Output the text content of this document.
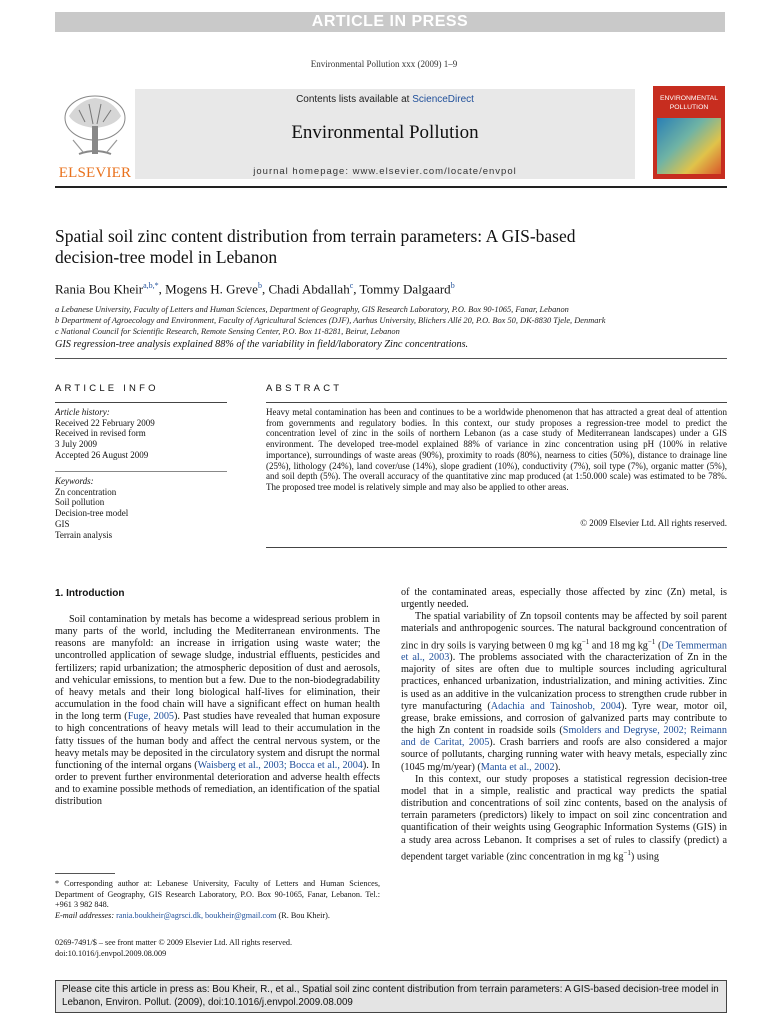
ARTICLE IN PRESS
Environmental Pollution xxx (2009) 1–9
ELSEVIER
Contents lists available at ScienceDirect
Environmental Pollution
journal homepage: www.elsevier.com/locate/envpol
ENVIRONMENTAL
POLLUTION
Spatial soil zinc content distribution from terrain parameters: A GIS-based
decision-tree model in Lebanon
Rania Bou Kheir$^{a,b,*}$, Mogens H. Greve$^b$, Chadi Abdallah$^c$, Tommy Dalgaard$^b$
a Lebanese University, Faculty of Letters and Human Sciences, Department of Geography, GIS Research Laboratory, P.O. Box 90-1065, Fanar, Lebanon
b Department of Agroecology and Environment, Faculty of Agricultural Sciences (DJF), Aarhus University, Blichers Allé 20, P.O. Box 50, DK-8830 Tjele, Denmark
c National Council for Scientific Research, Remote Sensing Center, P.O. Box 11-8281, Beirut, Lebanon
GIS regression-tree analysis explained 88% of the variability in field/laboratory Zinc concentrations.
ARTICLE INFO	ABSTRACT
Article history:
Received 22 February 2009
Received in revised form
3 July 2009
Accepted 26 August 2009
Keywords:
Zn concentration
Soil pollution
Decision-tree model
GIS
Terrain analysis
Heavy metal contamination has been and continues to be a worldwide phenomenon that has attracted a great deal of attention from governments and regulatory bodies. In this context, our study proposes a regression-tree model to predict the concentration level of zinc in the soils of northern Lebanon (as a case study of Mediterranean landscapes) under a GIS environment. The developed tree-model explained 88% of variance in zinc concentration using pH (100% in relative importance), surroundings of waste areas (90%), proximity to roads (80%), nearness to cities (50%), distance to drainage line (25%), lithology (24%), land cover/use (14%), slope gradient (10%), conductivity (7%), soil type (7%), organic matter (5%), and soil depth (5%). The overall accuracy of the quantitative zinc map produced (at 1:50.000 scale) was estimated to be 78%. The proposed tree model is relatively simple and may also be applied to other areas.
© 2009 Elsevier Ltd. All rights reserved.
1. Introduction

Soil contamination by metals has become a widespread serious problem in many parts of the world, including the Mediterranean environments. The reasons are manyfold: an increase in irrigation using waste water; the uncontrolled application of sewage sludge, industrial effluents, pesticides and fertilizers; rapid urbanization; the atmospheric deposition of dust and aerosols, and vehicular emissions, to mention but a few. Due to the non-biodegradability of heavy metals and their long biological half-lives for elimination, their accumulation in the food chain will have a significant effect on human health in the long term (Fuge, 2005). Past studies have revealed that human exposure to high concentrations of heavy metals will lead to their accumulation in the fatty tissues of the human body and affect the central nervous system, or the heavy metals may be deposited in the circulatory system and disrupt the normal functioning of the internal organs (Waisberg et al., 2003; Bocca et al., 2004). In order to prevent further environmental deterioration and adverse health effects and to examine possible methods of remediation, an identification of the spatial distribution

of the contaminated areas, especially those affected by zinc (Zn) metal, is urgently needed.

The spatial variability of Zn topsoil contents may be affected by soil parent materials and anthropogenic sources. The natural background concentration of zinc in dry soils is varying between 0 mg $kg^{-1}$ and 18 mg $kg^{-1}$ (De Temmerman et al., 2003). The problems associated with the characterization of Zn in the majority of sites are often due to multiple sources including agricultural practices, enhanced urbanization, industrialization, and mining activities. Zinc is used as an additive in the vulcanization process to strengthen crude rubber in tyre manufacturing (Adachia and Tainoshob, 2004). Tyre wear, motor oil, grease, brake emissions, and corrosion of galvanized parts may contribute to the high Zn content in roadside soils (Smolders and Degryse, 2002; Reimann and de Caritat, 2005). Crash barriers and roofs are also considered a major source of pollutants, charging running water with heavy metals, especially zinc (1045 mg/m/year) (Manta et al., 2002).

In this context, our study proposes a statistical regression decision-tree model that in a simple, realistic and practical way predicts the spatial distribution and concentrations of soil zinc contents, based on the analysis of terrain parameters (predictors) likely to impact on soil zinc concentration and quantification of their weights using Geographic Information Systems (GIS) in a study area across Lebanon. It comprises a set of rules to classify (predict) a dependent target variable (zinc concentration in mg $kg^{-1}$) using

* Corresponding author at: Lebanese University, Faculty of Letters and Human Sciences, Department of Geography, GIS Research Laboratory, P.O. Box 90-1065, Fanar, Lebanon. Tel.: +961 3 982 848.
E-mail addresses: rania.boukheir@agrsci.dk, boukheir@gmail.com (R. Bou Kheir).
0269-7491/$ – see front matter © 2009 Elsevier Ltd. All rights reserved.
doi:10.1016/j.envpol.2009.08.009
Please cite this article in press as: Bou Kheir, R., et al., Spatial soil zinc content distribution from terrain parameters: A GIS-based decision-tree model in Lebanon, Environ. Pollut. (2009), doi:10.1016/j.envpol.2009.08.009
